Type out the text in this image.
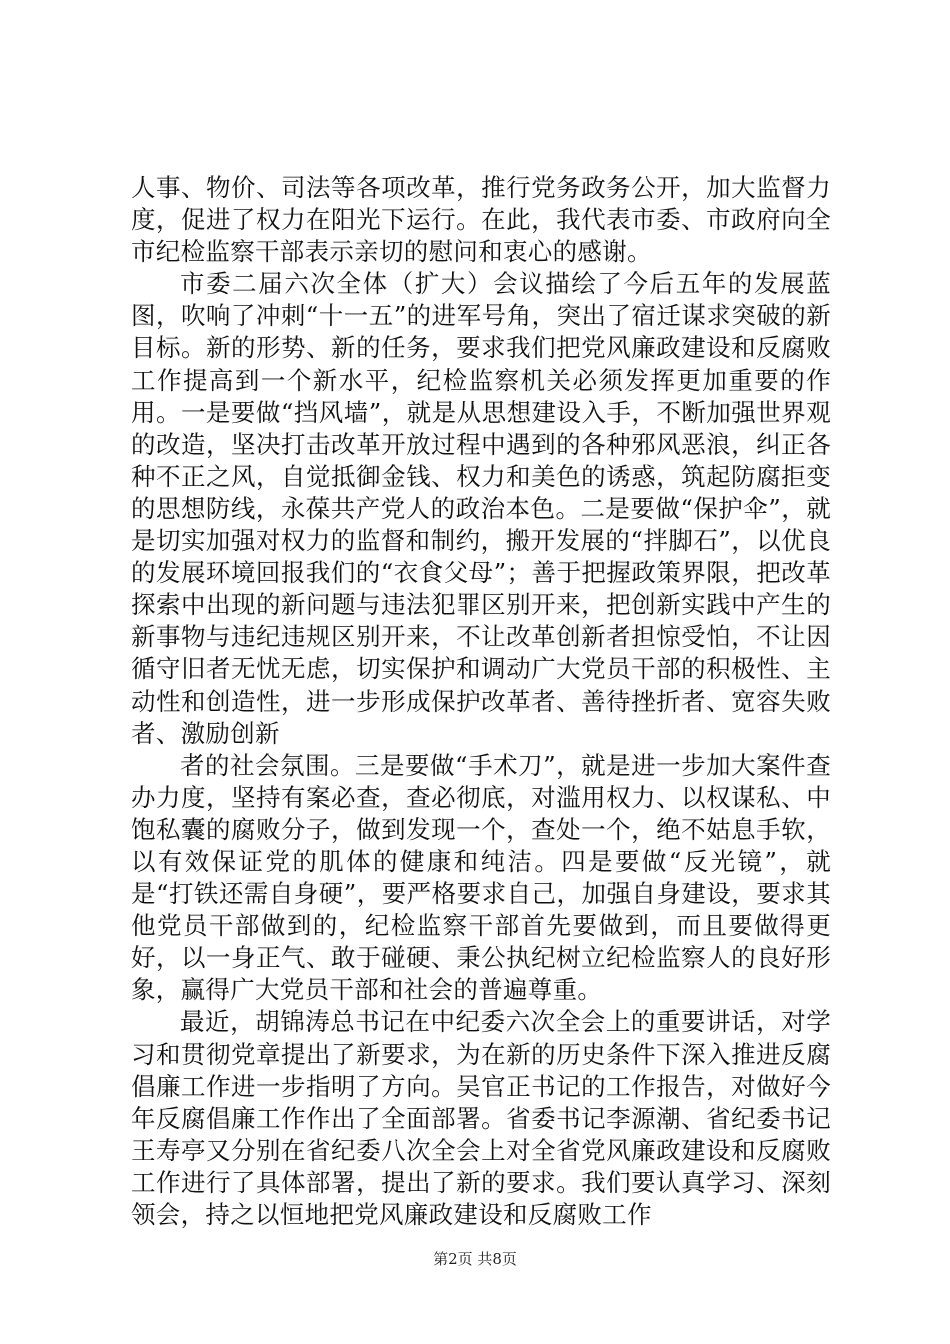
人事、物价、司法等各项改革，推行党务政务公开，加大监督力度，促进了权力在阳光下运行。在此，我代表市委、市政府向全市纪检监察干部表示亲切的慰问和衷心的感谢。

市委二届六次全体（扩大）会议描绘了今后五年的发展蓝图，吹响了冲刺“十一五”的进军号角，突出了宿迁谋求突破的新目标。新的形势、新的任务，要求我们把党风廉政建设和反腐败工作提高到一个新水平，纪检监察机关必须发挥更加重要的作用。一是要做“挡风墙”，就是从思想建设入手，不断加强世界观的改造，坚决打击改革开放过程中遇到的各种邪风恶浪，纠正各种不正之风，自觉抵御金钱、权力和美色的诱惑，筑起防腐拒变的思想防线，永葆共产党人的政治本色。二是要做“保护伞”，就是切实加强对权力的监督和制约，搬开发展的“拌脚石”，以优良的发展环境回报我们的“衣食父母”；善于把握政策界限，把改革探索中出现的新问题与违法犯罪区别开来，把创新实践中产生的新事物与违纪违规区别开来，不让改革创新者担惊受怕，不让因循守旧者无忧无虑，切实保护和调动广大党员干部的积极性、主动性和创造性，进一步形成保护改革者、善待挫折者、宽容失败者、激励创新

者的社会氛围。三是要做“手术刀”，就是进一步加大案件查办力度，坚持有案必查，查必彻底，对滥用权力、以权谋私、中饱私囊的腐败分子，做到发现一个，查处一个，绝不姑息手软，以有效保证党的肌体的健康和纯洁。四是要做“反光镜”，就是“打铁还需自身硬”，要严格要求自己，加强自身建设，要求其他党员干部做到的，纪检监察干部首先要做到，而且要做得更好，以一身正气、敢于碰硬、秉公执纪树立纪检监察人的良好形象，赢得广大党员干部和社会的普遍尊重。

最近，胡锦涛总书记在中纪委六次全会上的重要讲话，对学习和贯彻党章提出了新要求，为在新的历史条件下深入推进反腐倡廉工作进一步指明了方向。吴官正书记的工作报告，对做好今年反腐倡廉工作作出了全面部署。省委书记李源潮、省纪委书记王寿亭又分别在省纪委八次全会上对全省党风廉政建设和反腐败工作进行了具体部署，提出了新的要求。我们要认真学习、深刻领会，持之以恒地把党风廉政建设和反腐败工作

第2页 共8页
